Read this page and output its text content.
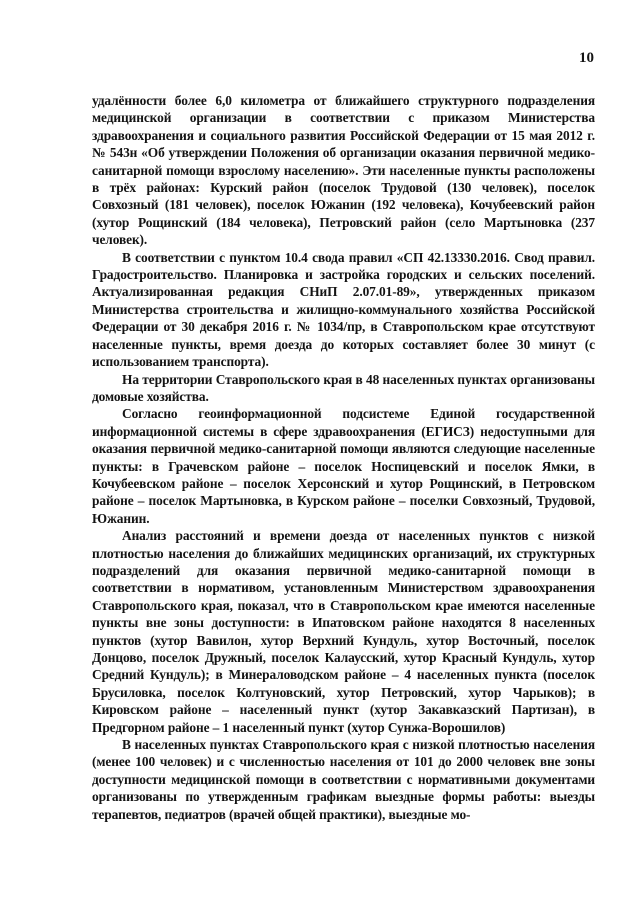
10

удалённости более 6,0 километра от ближайшего структурного подразделения медицинской организации в соответствии с приказом Министерства здравоохранения и социального развития Российской Федерации от 15 мая 2012 г. № 543н «Об утверждении Положения об организации оказания первичной медико-санитарной помощи взрослому населению». Эти населенные пункты расположены в трёх районах: Курский район (поселок Трудовой (130 человек), поселок Совхозный (181 человек), поселок Южанин (192 человека), Кочубеевский район (хутор Рощинский (184 человека), Петровский район (село Мартыновка (237 человек).

В соответствии с пунктом 10.4 свода правил «СП 42.13330.2016. Свод правил. Градостроительство. Планировка и застройка городских и сельских поселений. Актуализированная редакция СНиП 2.07.01-89», утвержденных приказом Министерства строительства и жилищно-коммунального хозяйства Российской Федерации от 30 декабря 2016 г. № 1034/пр, в Ставропольском крае отсутствуют населенные пункты, время доезда до которых составляет более 30 минут (с использованием транспорта).

На территории Ставропольского края в 48 населенных пунктах организованы домовые хозяйства.

Согласно геоинформационной подсистеме Единой государственной информационной системы в сфере здравоохранения (ЕГИСЗ) недоступными для оказания первичной медико-санитарной помощи являются следующие населенные пункты: в Грачевском районе – поселок Носпицевский и поселок Ямки, в Кочубеевском районе – поселок Херсонский и хутор Рощинский, в Петровском районе – поселок Мартыновка, в Курском районе – поселки Совхозный, Трудовой, Южанин.

Анализ расстояний и времени доезда от населенных пунктов с низкой плотностью населения до ближайших медицинских организаций, их структурных подразделений для оказания первичной медико-санитарной помощи в соответствии в нормативом, установленным Министерством здравоохранения Ставропольского края, показал, что в Ставропольском крае имеются населенные пункты вне зоны доступности: в Ипатовском районе находятся 8 населенных пунктов (хутор Вавилон, хутор Верхний Кундуль, хутор Восточный, поселок Донцово, поселок Дружный, поселок Калаусский, хутор Красный Кундуль, хутор Средний Кундуль); в Минераловодском районе – 4 населенных пункта (поселок Брусиловка, поселок Колтуновский, хутор Петровский, хутор Чарыков); в Кировском районе – населенный пункт (хутор Закавказский Партизан), в Предгорном районе – 1 населенный пункт (хутор Сунжа-Ворошилов)

В населенных пунктах Ставропольского края с низкой плотностью населения (менее 100 человек) и с численностью населения от 101 до 2000 человек вне зоны доступности медицинской помощи в соответствии с нормативными документами организованы по утвержденным графикам выездные формы работы: выезды терапевтов, педиатров (врачей общей практики), выездные мо-
